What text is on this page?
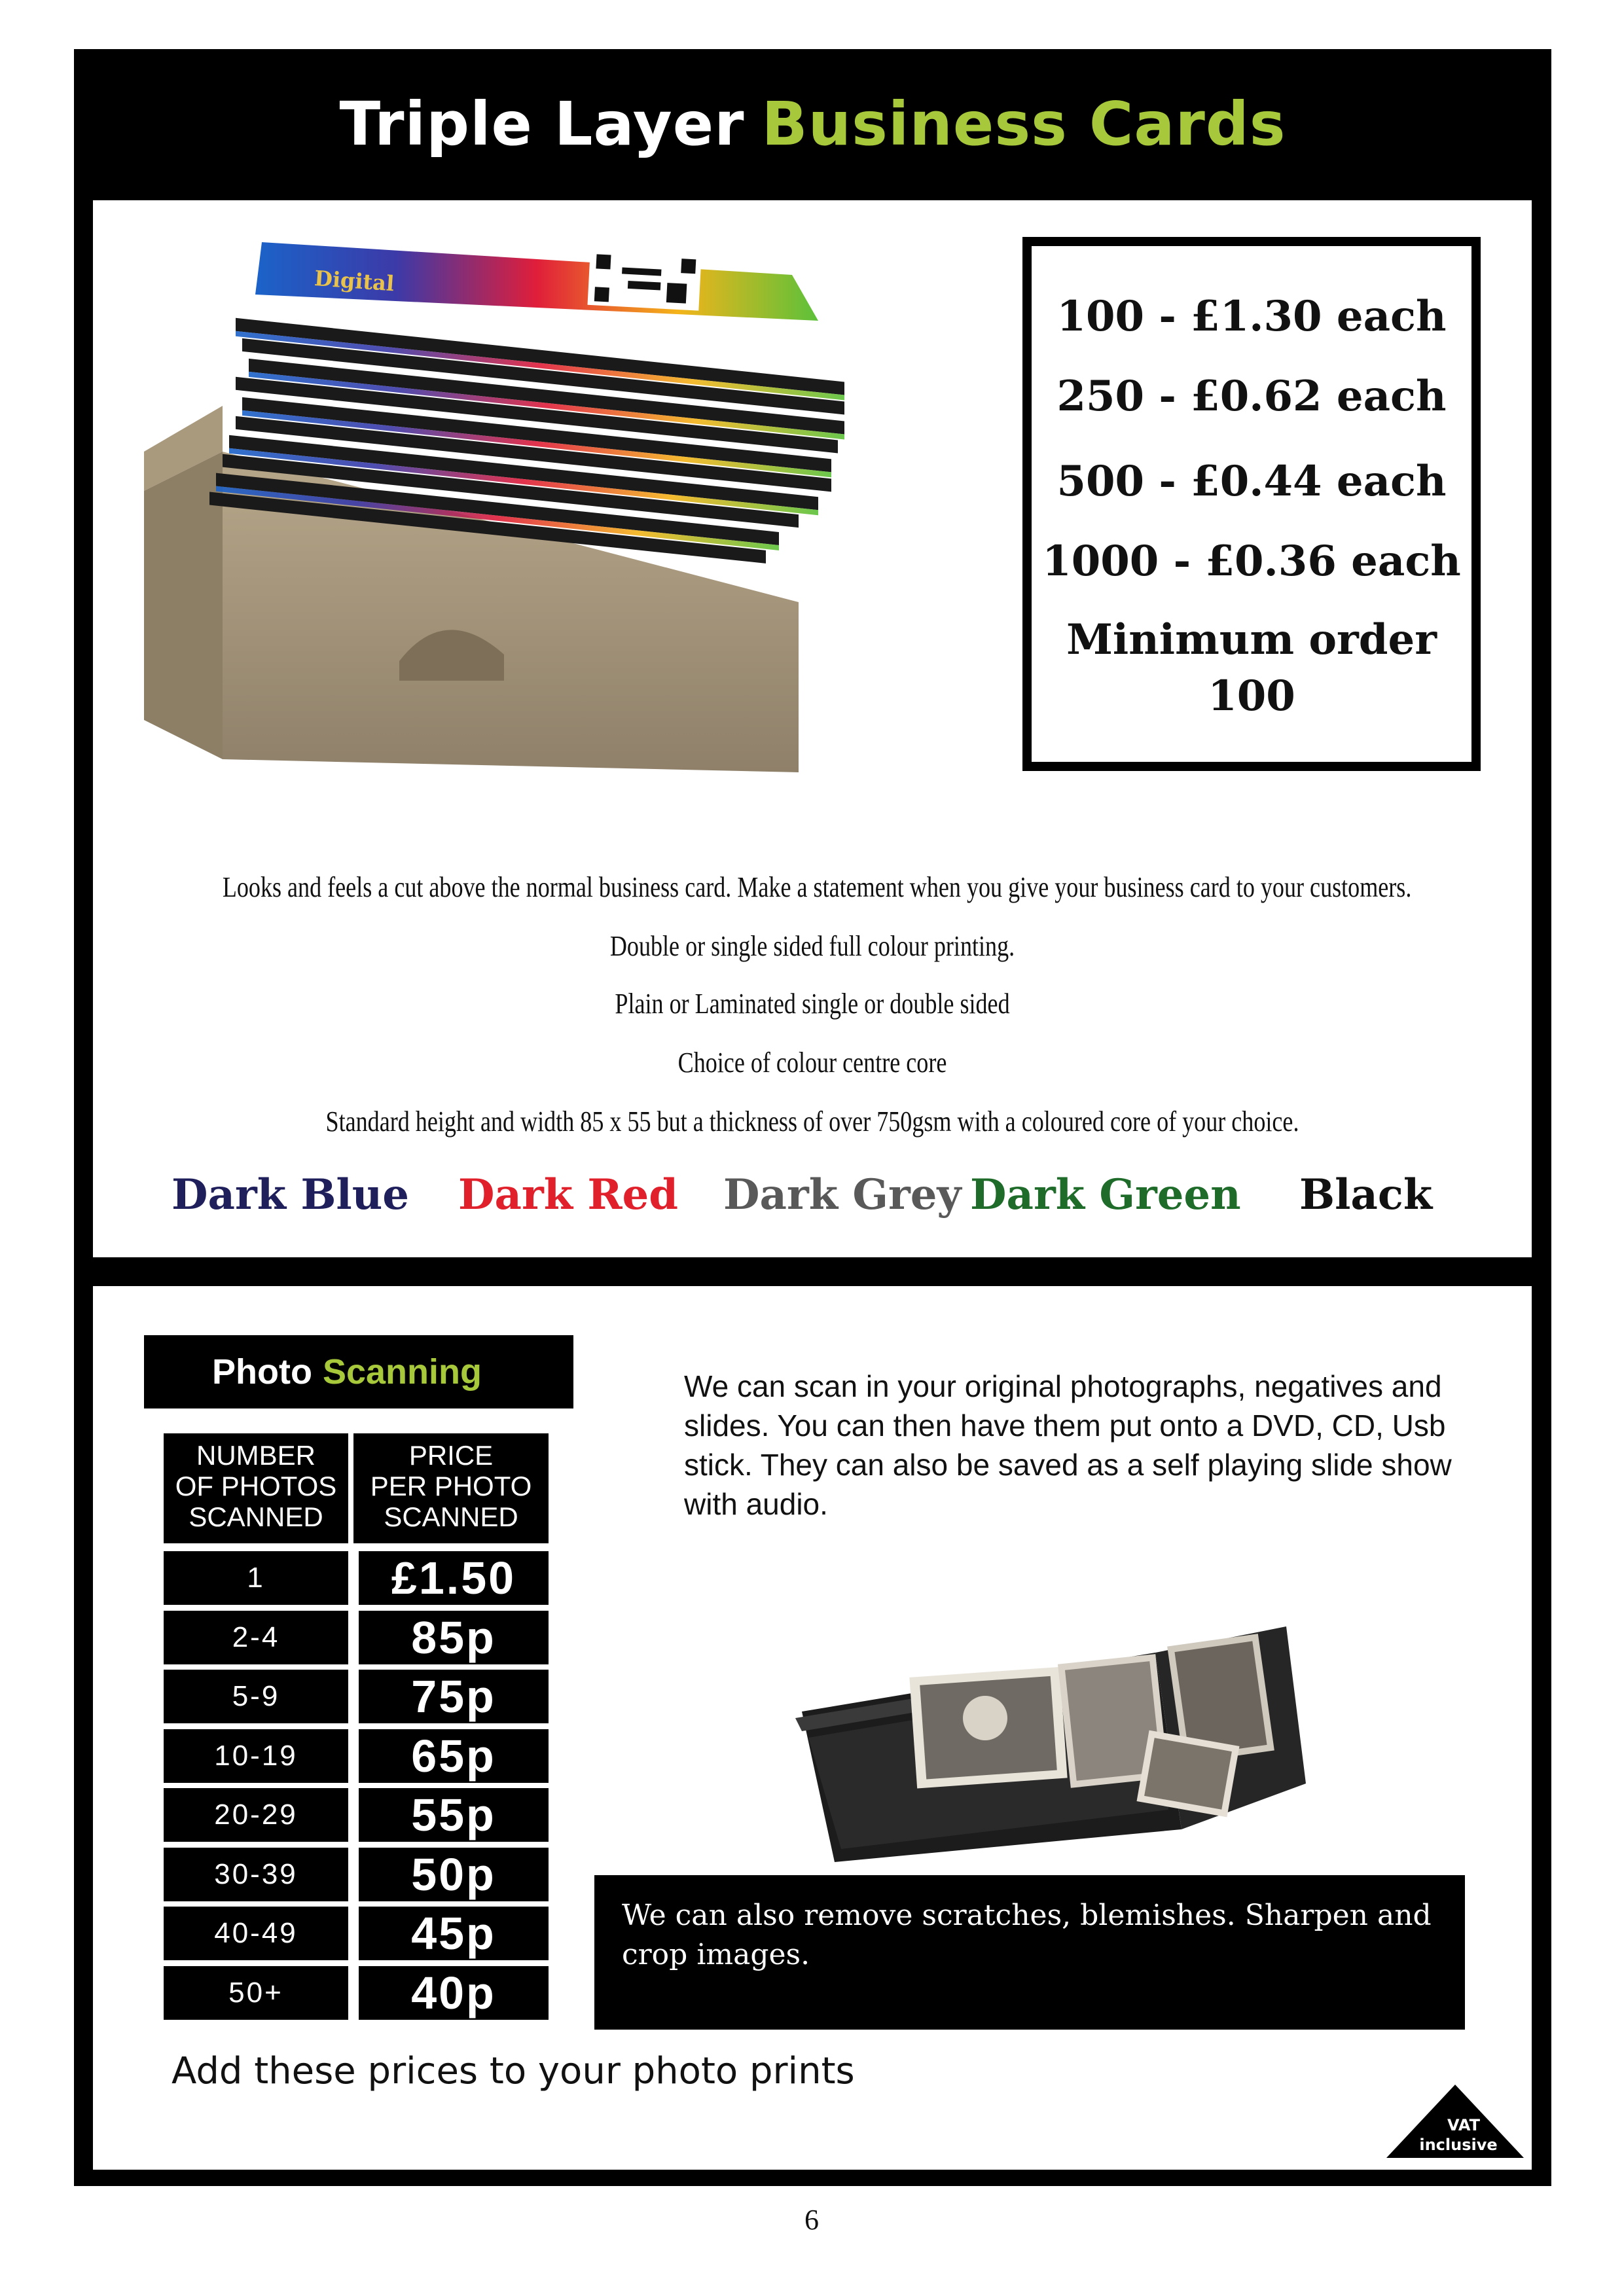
Triple Layer Business Cards
Digital
100 - £1.30 each
250 - £0.62 each
500 - £0.44 each
1000 - £0.36 each
Minimum order
100
Looks and feels a cut above the normal business card. Make a statement when you give your business card to your customers.
Double or single sided full colour printing.
Plain or Laminated single or double sided
Choice of colour centre core
Standard height and width 85 x 55 but a thickness of over 750gsm with a coloured core of your choice.
Dark Blue Dark Red Dark Grey Dark Green Black
Photo Scanning
NUMBER
OF PHOTOS
SCANNED
PRICE
PER PHOTO
SCANNED
1	£1.50
2-4	85p
5-9	75p
10-19	65p
20-29	55p
30-39	50p
40-49	45p
50+	40p
We can scan in your original photographs, negatives and slides. You can then have them put onto a DVD, CD, Usb stick. They can also be saved as a self playing slide show with audio.
We can also remove scratches, blemishes. Sharpen and crop images.
Add these prices to your photo prints
VAT
inclusive
6
